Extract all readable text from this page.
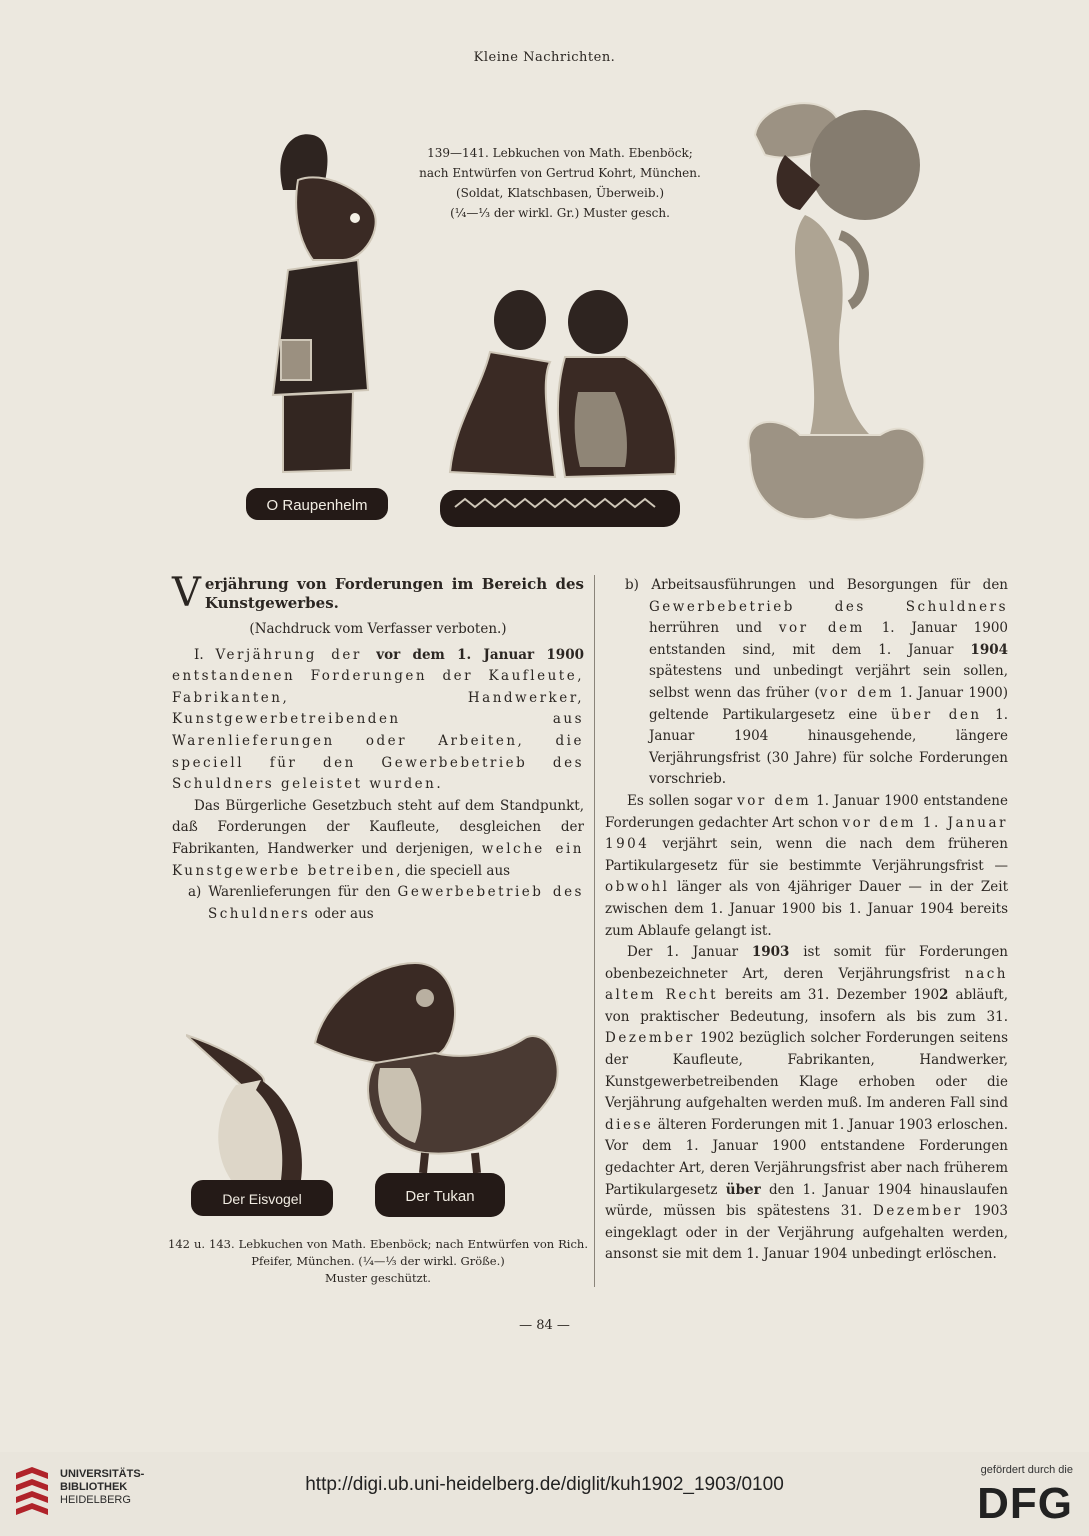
Kleine Nachrichten.
O Raupenhelm
139—141. Lebkuchen von Math. Ebenböck;
nach Entwürfen von Gertrud Kohrt, München.
(Soldat, Klatschbasen, Überweib.)
(¼—⅓ der wirkl. Gr.) Muster gesch.
V erjährung von Forderungen im Bereich des Kunstgewerbes.

(Nachdruck vom Verfasser verboten.)

I. Verjährung der vor dem 1. Januar 1900 entstandenen Forderungen der Kaufleute, Fabrikanten, Handwerker, Kunstgewerbetreibenden aus Warenlieferungen oder Arbeiten, die speciell für den Gewerbebetrieb des Schuldners geleistet wurden.

Das Bürgerliche Gesetzbuch steht auf dem Standpunkt, daß Forderungen der Kaufleute, desgleichen der Fabrikanten, Handwerker und derjenigen, welche ein Kunstgewerbe betreiben, die speciell aus

a) Warenlieferungen für den Gewerbebetrieb des Schuldners oder aus

b) Arbeitsausführungen und Besorgungen für den Gewerbebetrieb des Schuldners herrühren und vor dem 1. Januar 1900 entstanden sind, mit dem 1. Januar 1904 spätestens und unbedingt verjährt sein sollen, selbst wenn das früher (vor dem 1. Januar 1900) geltende Partikulargesetz eine über den 1. Januar 1904 hinausgehende, längere Verjährungsfrist (30 Jahre) für solche Forderungen vorschrieb.

Es sollen sogar vor dem 1. Januar 1900 entstandene Forderungen gedachter Art schon vor dem 1. Januar 1904 verjährt sein, wenn die nach dem früheren Partikulargesetz für sie bestimmte Verjährungsfrist — obwohl länger als von 4jähriger Dauer — in der Zeit zwischen dem 1. Januar 1900 bis 1. Januar 1904 bereits zum Ablaufe gelangt ist.

Der 1. Januar 1903 ist somit für Forderungen obenbezeichneter Art, deren Verjährungsfrist nach altem Recht bereits am 31. Dezember 1902 abläuft, von praktischer Bedeutung, insofern als bis zum 31. Dezember 1902 bezüglich solcher Forderungen seitens der Kaufleute, Fabrikanten, Handwerker, Kunstgewerbetreibenden Klage erhoben oder die Verjährung aufgehalten werden muß. Im anderen Fall sind diese älteren Forderungen mit 1. Januar 1903 erloschen. Vor dem 1. Januar 1900 entstandene Forderungen gedachter Art, deren Verjährungsfrist aber nach früherem Partikulargesetz über den 1. Januar 1904 hinauslaufen würde, müssen bis spätestens 31. Dezember 1903 eingeklagt oder in der Verjährung aufgehalten werden, ansonst sie mit dem 1. Januar 1904 unbedingt erlöschen.

Der Eisvogel	Der Tukan
142 u. 143. Lebkuchen von Math. Ebenböck; nach Entwürfen von Rich. Pfeifer, München. (¼—⅓ der wirkl. Größe.)
Muster geschützt.
— 84 —
UNIVERSITÄTS-
BIBLIOTHEK
HEIDELBERG
http://digi.ub.uni-heidelberg.de/diglit/kuh1902_1903/0100
gefördert durch die
DFG
